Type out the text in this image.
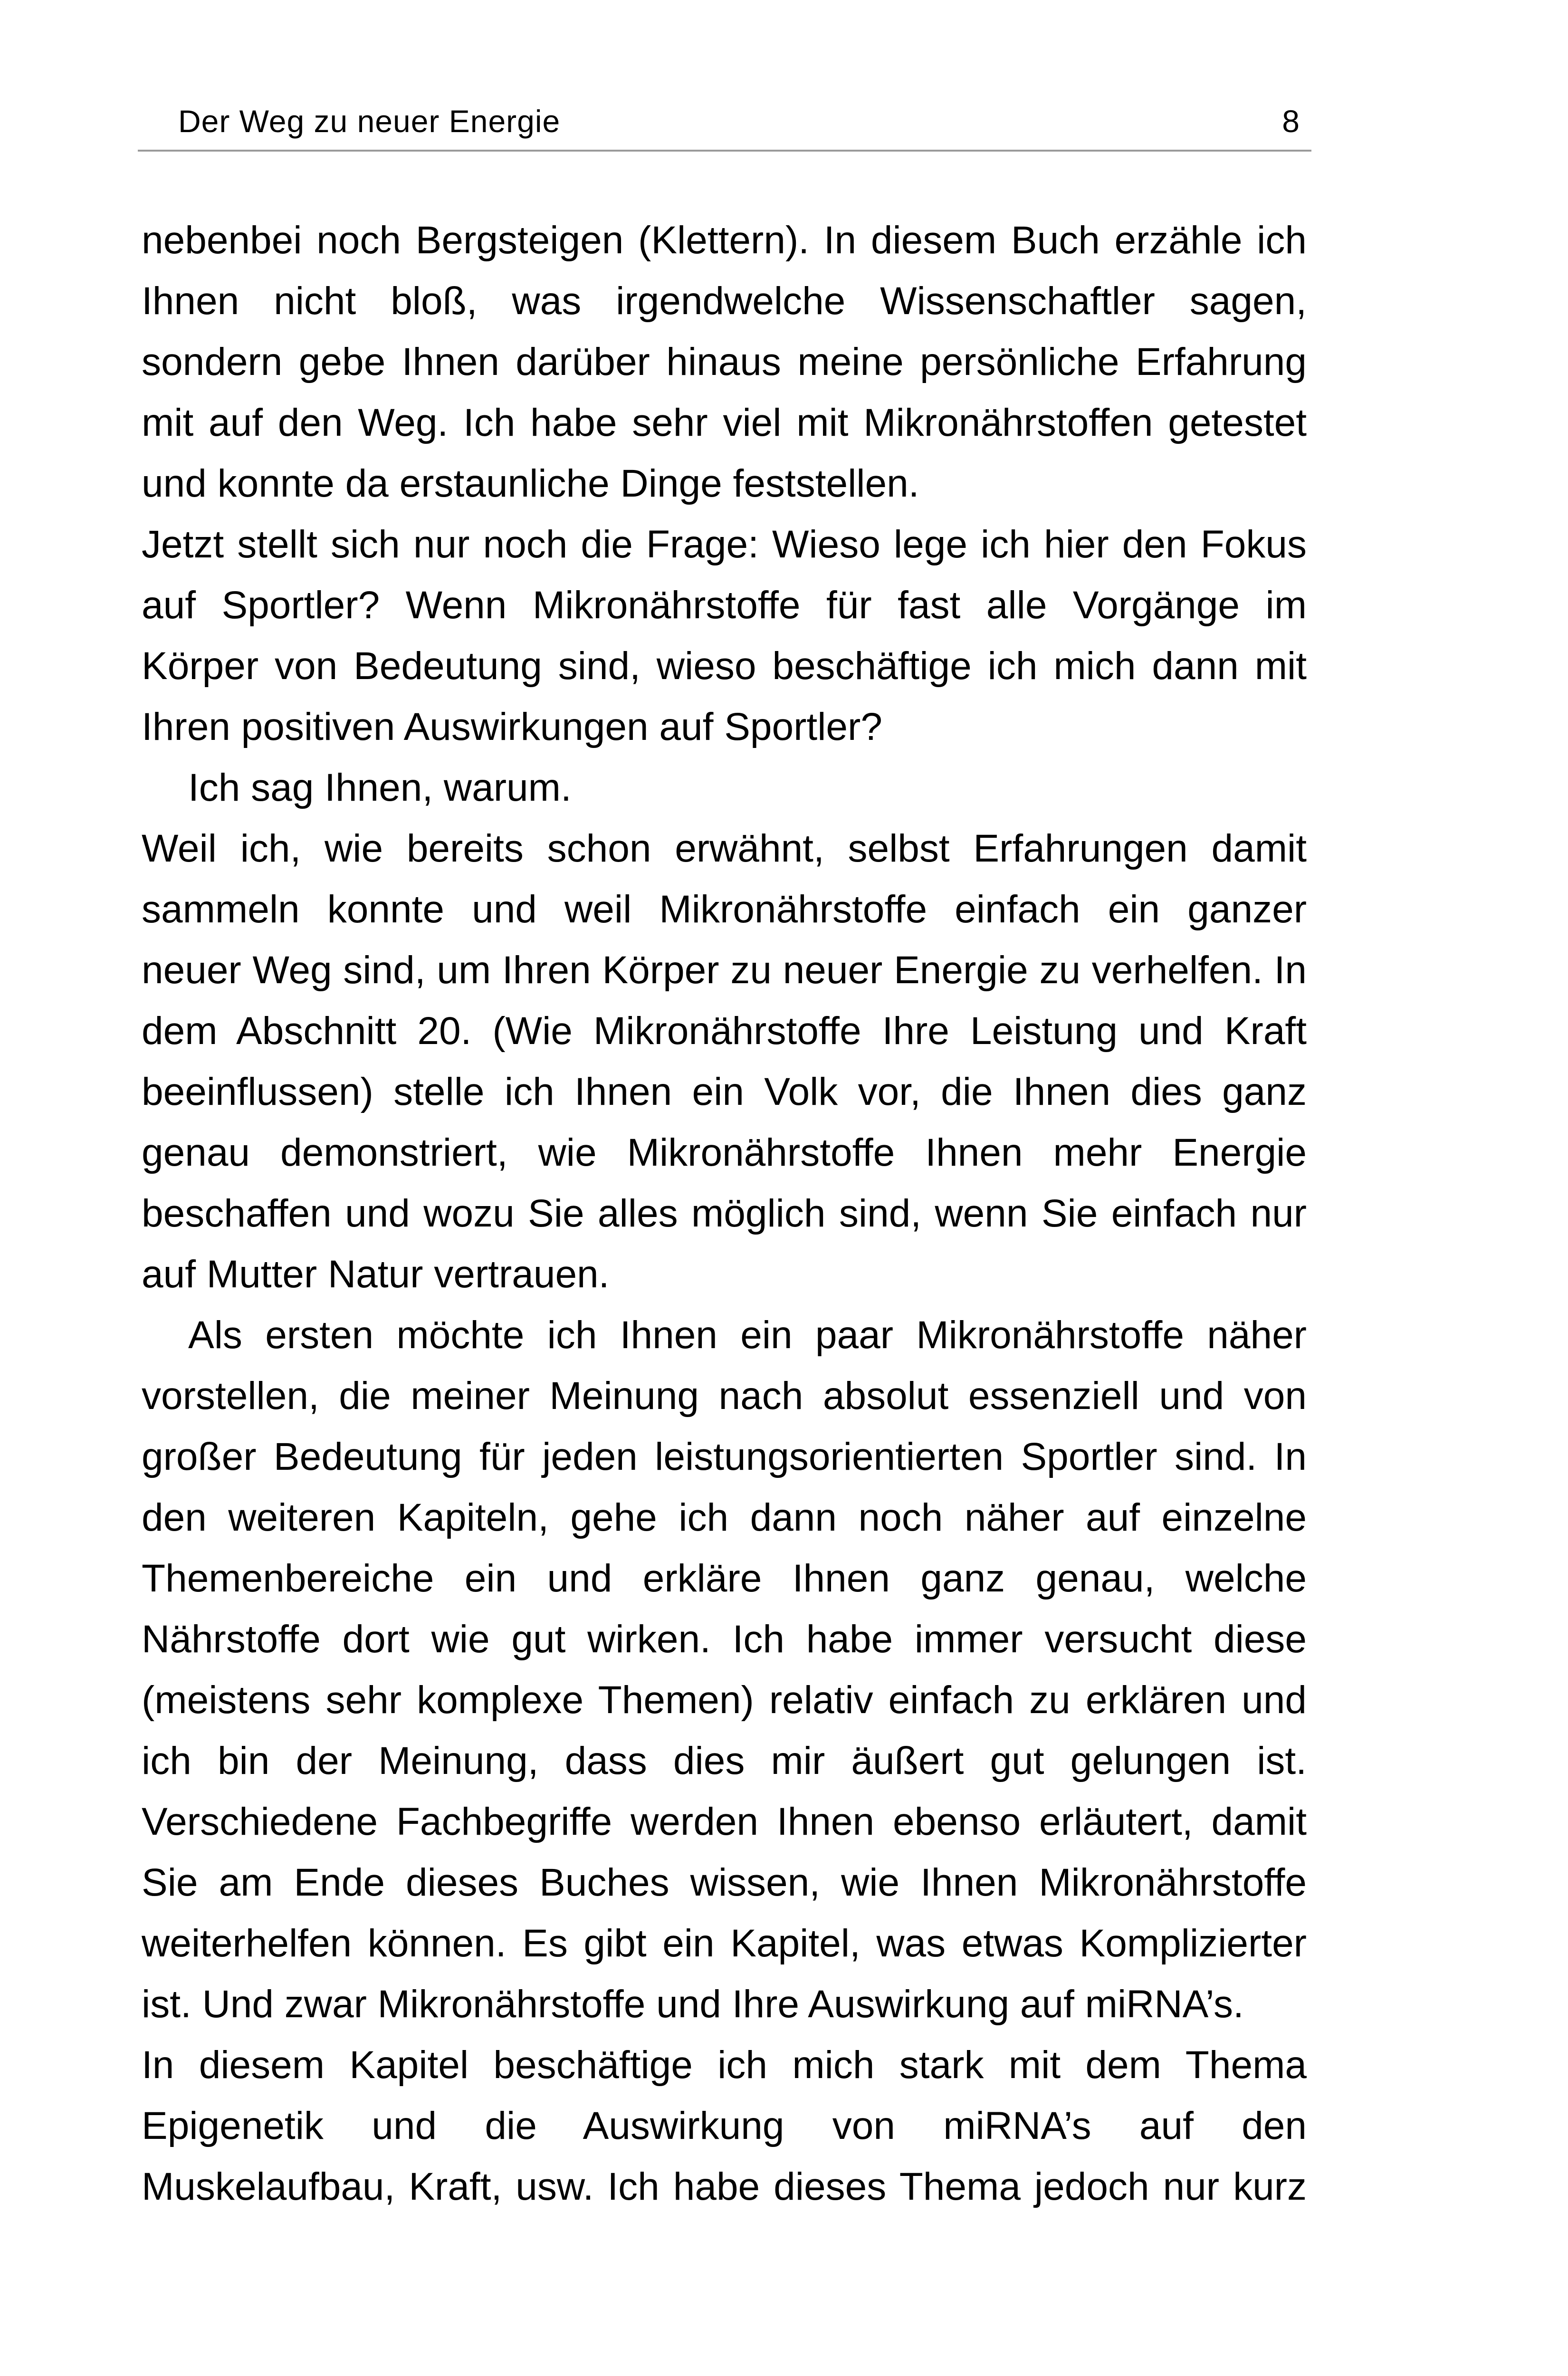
Der Weg zu neuer Energie	8
nebenbei noch Bergsteigen (Klettern). In diesem Buch erzähle ich
Ihnen nicht bloß, was irgendwelche Wissenschaftler sagen,
sondern gebe Ihnen darüber hinaus meine persönliche Erfahrung
mit auf den Weg. Ich habe sehr viel mit Mikronährstoffen getestet
und konnte da erstaunliche Dinge feststellen.
Jetzt stellt sich nur noch die Frage: Wieso lege ich hier den Fokus
auf Sportler? Wenn Mikronährstoffe für fast alle Vorgänge im
Körper von Bedeutung sind, wieso beschäftige ich mich dann mit
Ihren positiven Auswirkungen auf Sportler?
Ich sag Ihnen, warum.
Weil ich, wie bereits schon erwähnt, selbst Erfahrungen damit
sammeln konnte und weil Mikronährstoffe einfach ein ganzer
neuer Weg sind, um Ihren Körper zu neuer Energie zu verhelfen. In
dem Abschnitt 20. (Wie Mikronährstoffe Ihre Leistung und Kraft
beeinflussen) stelle ich Ihnen ein Volk vor, die Ihnen dies ganz
genau demonstriert, wie Mikronährstoffe Ihnen mehr Energie
beschaffen und wozu Sie alles möglich sind, wenn Sie einfach nur
auf Mutter Natur vertrauen.
Als ersten möchte ich Ihnen ein paar Mikronährstoffe näher
vorstellen, die meiner Meinung nach absolut essenziell und von
großer Bedeutung für jeden leistungsorientierten Sportler sind. In
den weiteren Kapiteln, gehe ich dann noch näher auf einzelne
Themenbereiche ein und erkläre Ihnen ganz genau, welche
Nährstoffe dort wie gut wirken. Ich habe immer versucht diese
(meistens sehr komplexe Themen) relativ einfach zu erklären und
ich bin der Meinung, dass dies mir äußert gut gelungen ist.
Verschiedene Fachbegriffe werden Ihnen ebenso erläutert, damit
Sie am Ende dieses Buches wissen, wie Ihnen Mikronährstoffe
weiterhelfen können. Es gibt ein Kapitel, was etwas Komplizierter
ist. Und zwar Mikronährstoffe und Ihre Auswirkung auf miRNA’s.
In diesem Kapitel beschäftige ich mich stark mit dem Thema
Epigenetik und die Auswirkung von miRNA’s auf den
Muskelaufbau, Kraft, usw. Ich habe dieses Thema jedoch nur kurz
